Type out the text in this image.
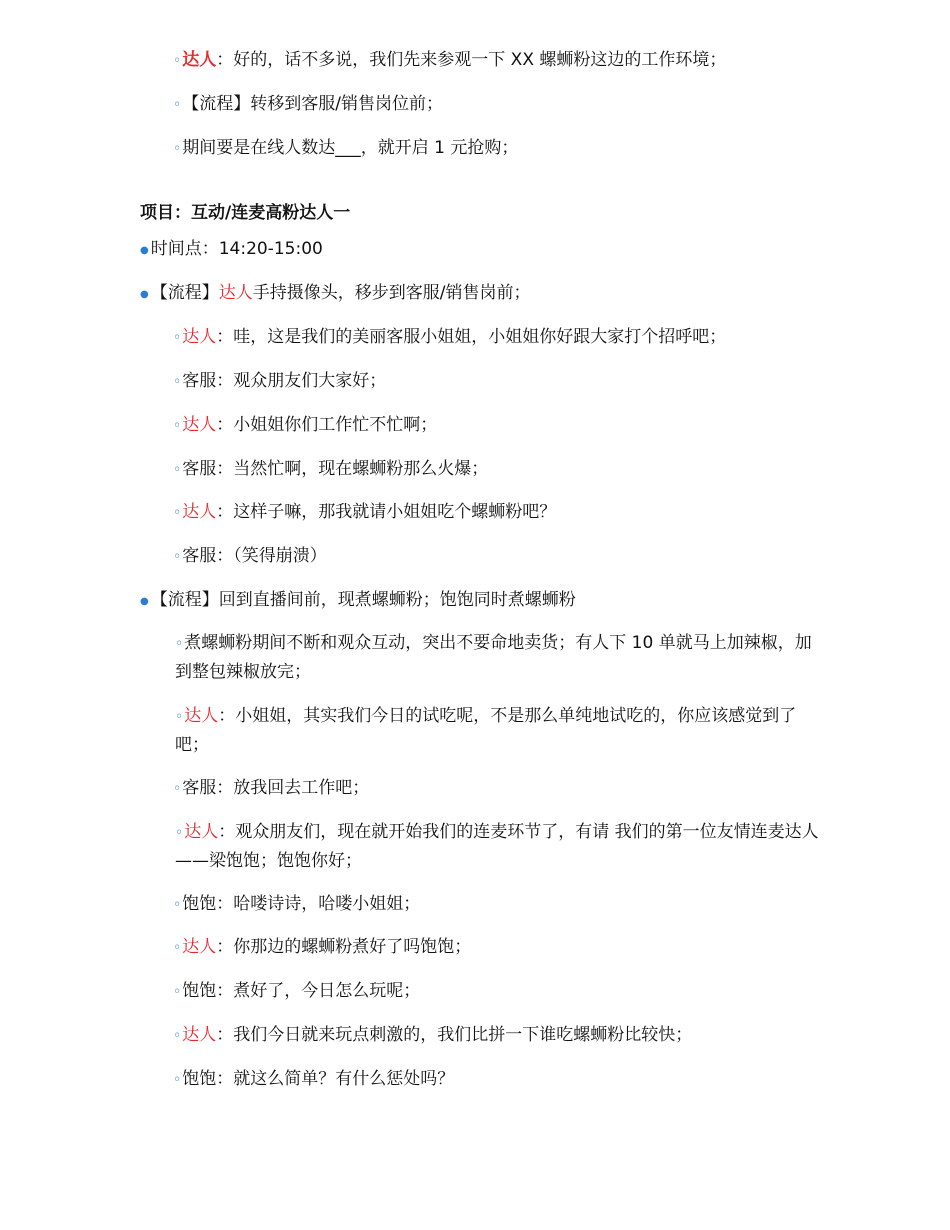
◦达人：好的，话不多说，我们先来参观一下 XX 螺蛳粉这边的工作环境；
◦【流程】转移到客服/销售岗位前；
◦期间要是在线人数达___，就开启 1 元抢购；
项目：互动/连麦高粉达人一
● 时间点：14:20-15:00
● 【流程】达人手持摄像头，移步到客服/销售岗前；
◦达人：哇，这是我们的美丽客服小姐姐，小姐姐你好跟大家打个招呼吧；
◦客服：观众朋友们大家好；
◦达人：小姐姐你们工作忙不忙啊；
◦客服：当然忙啊，现在螺蛳粉那么火爆；
◦达人：这样子嘛，那我就请小姐姐吃个螺蛳粉吧？
◦客服：（笑得崩溃）
● 【流程】回到直播间前，现煮螺蛳粉；饱饱同时煮螺蛳粉
◦煮螺蛳粉期间不断和观众互动，突出不要命地卖货；有人下 10 单就马上加辣椒，加到整包辣椒放完；
◦达人：小姐姐，其实我们今日的试吃呢，不是那么单纯地试吃的，你应该感觉到了吧；
◦客服：放我回去工作吧；
◦达人：观众朋友们，现在就开始我们的连麦环节了，有请 我们的第一位友情连麦达人——梁饱饱；饱饱你好；
◦饱饱：哈喽诗诗，哈喽小姐姐；
◦达人：你那边的螺蛳粉煮好了吗饱饱；
◦饱饱：煮好了，今日怎么玩呢；
◦达人：我们今日就来玩点刺激的，我们比拼一下谁吃螺蛳粉比较快；
◦饱饱：就这么简单？有什么惩处吗？
